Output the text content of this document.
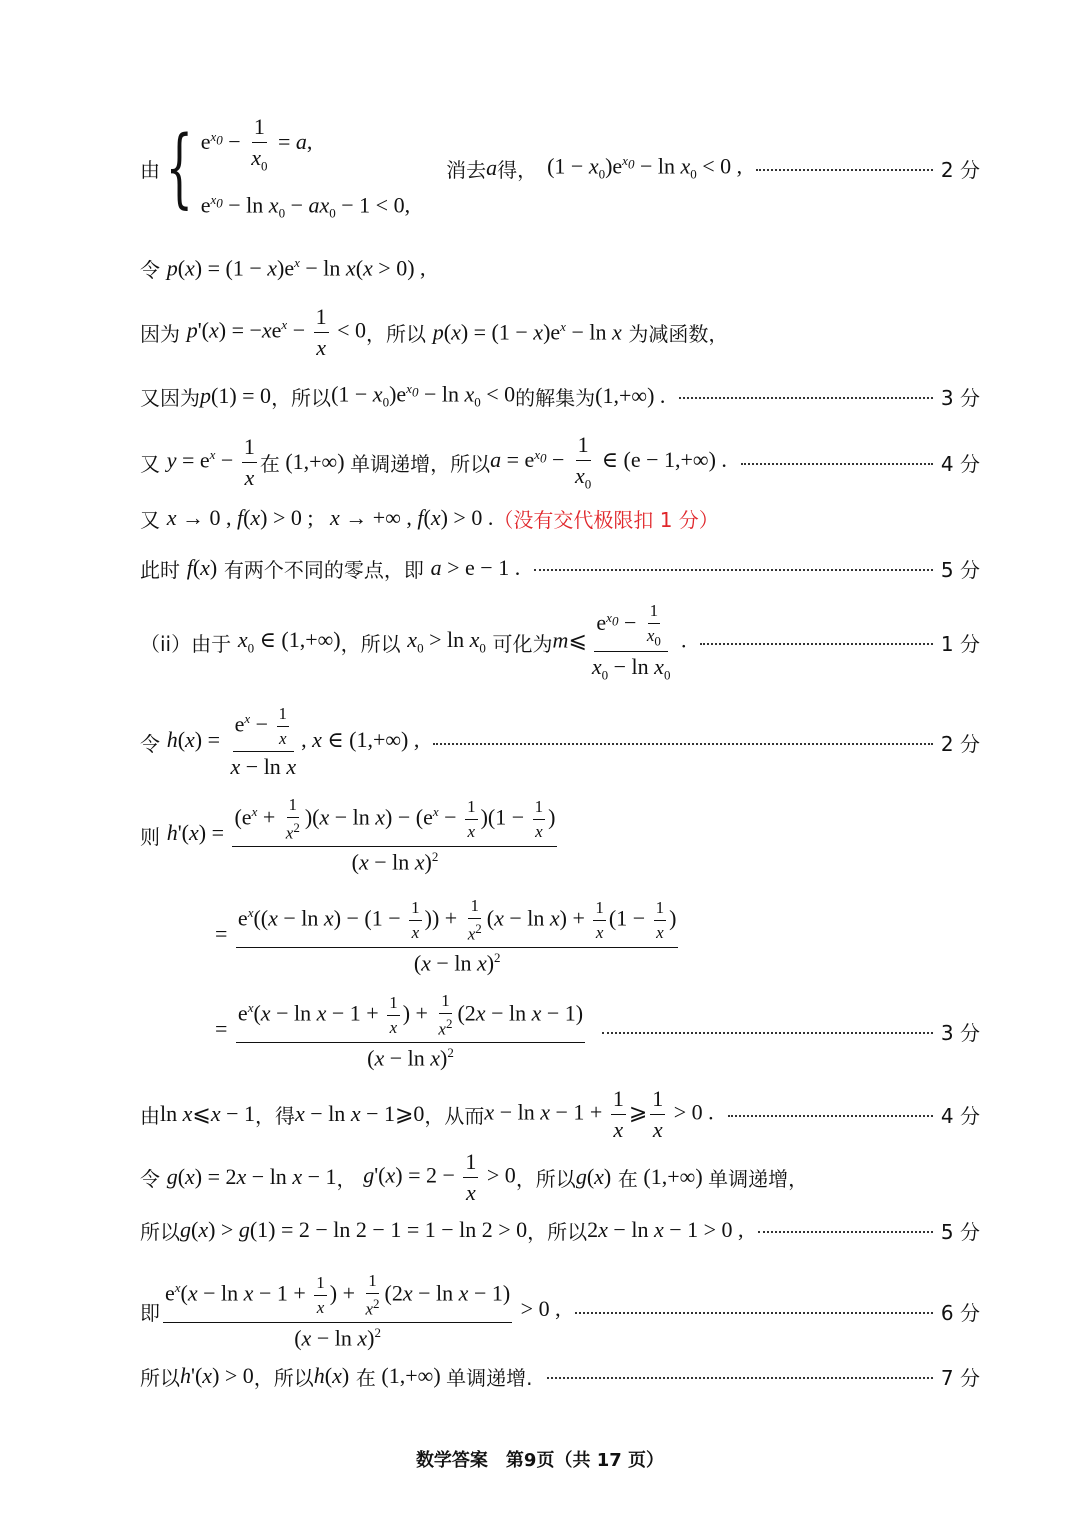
由 { $e^{x_0} - \frac{1}{x_0} = a$,
$e^{x_0} - \ln x_0 - ax_0 - 1 < 0$,
消去 a 得， $(1 - x_0)e^{x_0} - \ln x_0 < 0$ ,	2 分
令
$p(x) = (1 - x)e^x - \ln x(x > 0)$ ,
因为
$p'(x) = -xe^x - \frac{1}{x} < 0$ ，所以
$p(x) = (1 - x)e^x - \ln x$
为减函数，
又因为 p(1) = 0 ，所以 $(1 - x_0)e^{x_0} - \ln x_0 < 0$ 的解集为 (1,+∞) .	3 分
又
$y = e^x - \frac{1}{x}$ 在 (1,+∞) 单调递增，所以 $a = e^{x_0} - \frac{1}{x_0}$ ∈ (e − 1,+∞) .	4 分
又
x → 0 , f(x) > 0 ;   x → +∞ , f(x) > 0 . （没有交代极限扣 1 分）
此时
f(x)
有两个不同的零点，即
a > e − 1 .	5 分
（ii）由于
$x_0$ ∈ (1,+∞) ，所以
$x_0 > \ln x_0$
可化为 m⩽ $\frac{e^{x_0} - \frac{1}{x_0}}{x_0 - \ln x_0}$ .	1 分
令
$h(x) = \frac{e^x - \frac{1}{x}}{\text{x − ln x}}$ , x ∈ (1,+∞) ,	2 分
则
$h'(x) = \frac{(e^x + \frac{1}{x^2} )(x - \ln x) - (e^x - \frac{1}{x} )(1 - \frac{1}{x} )}{(x - \ln x)^2}$
= $\frac{e^x((x - \ln x) - (1 - \frac{1}{x} )) + \frac{1}{x^2} (x - \ln x) + \frac{1}{x} (1 - \frac{1}{x} )}{(x - \ln x)^2}$
= $\frac{e^x(x - \ln x - 1 + \frac{1}{x} ) + \frac{1}{x^2} (2x - \ln x - 1)}{(x - \ln x)^2}$	3 分
由 ln x⩽x − 1 ，得 x − ln x − 1⩾0 ，从而 $x - \ln x - 1 + \frac{1}{x}$ ⩾ $\frac{1}{x} > 0$ .	4 分
令
g(x) = 2x − ln x − 1 ，
$g'(x) = 2 - \frac{1}{x} > 0$ ，所以 g(x)
在 (1,+∞) 单调递增，
所以 g(x) > g(1) = 2 − ln 2 − 1 = 1 − ln 2 > 0 ，所以 2x − ln x − 1 > 0 ,	5 分
即 $\frac{e^x(x - \ln x - 1 + \frac{1}{x} ) + \frac{1}{x^2} (2x - \ln x - 1)}{(x - \ln x)^2} > 0$ ,	6 分
所以 h'(x) > 0 ，所以 h(x)
在 (1,+∞) 单调递增.	7 分
数学答案　第9页（共 17 页）
